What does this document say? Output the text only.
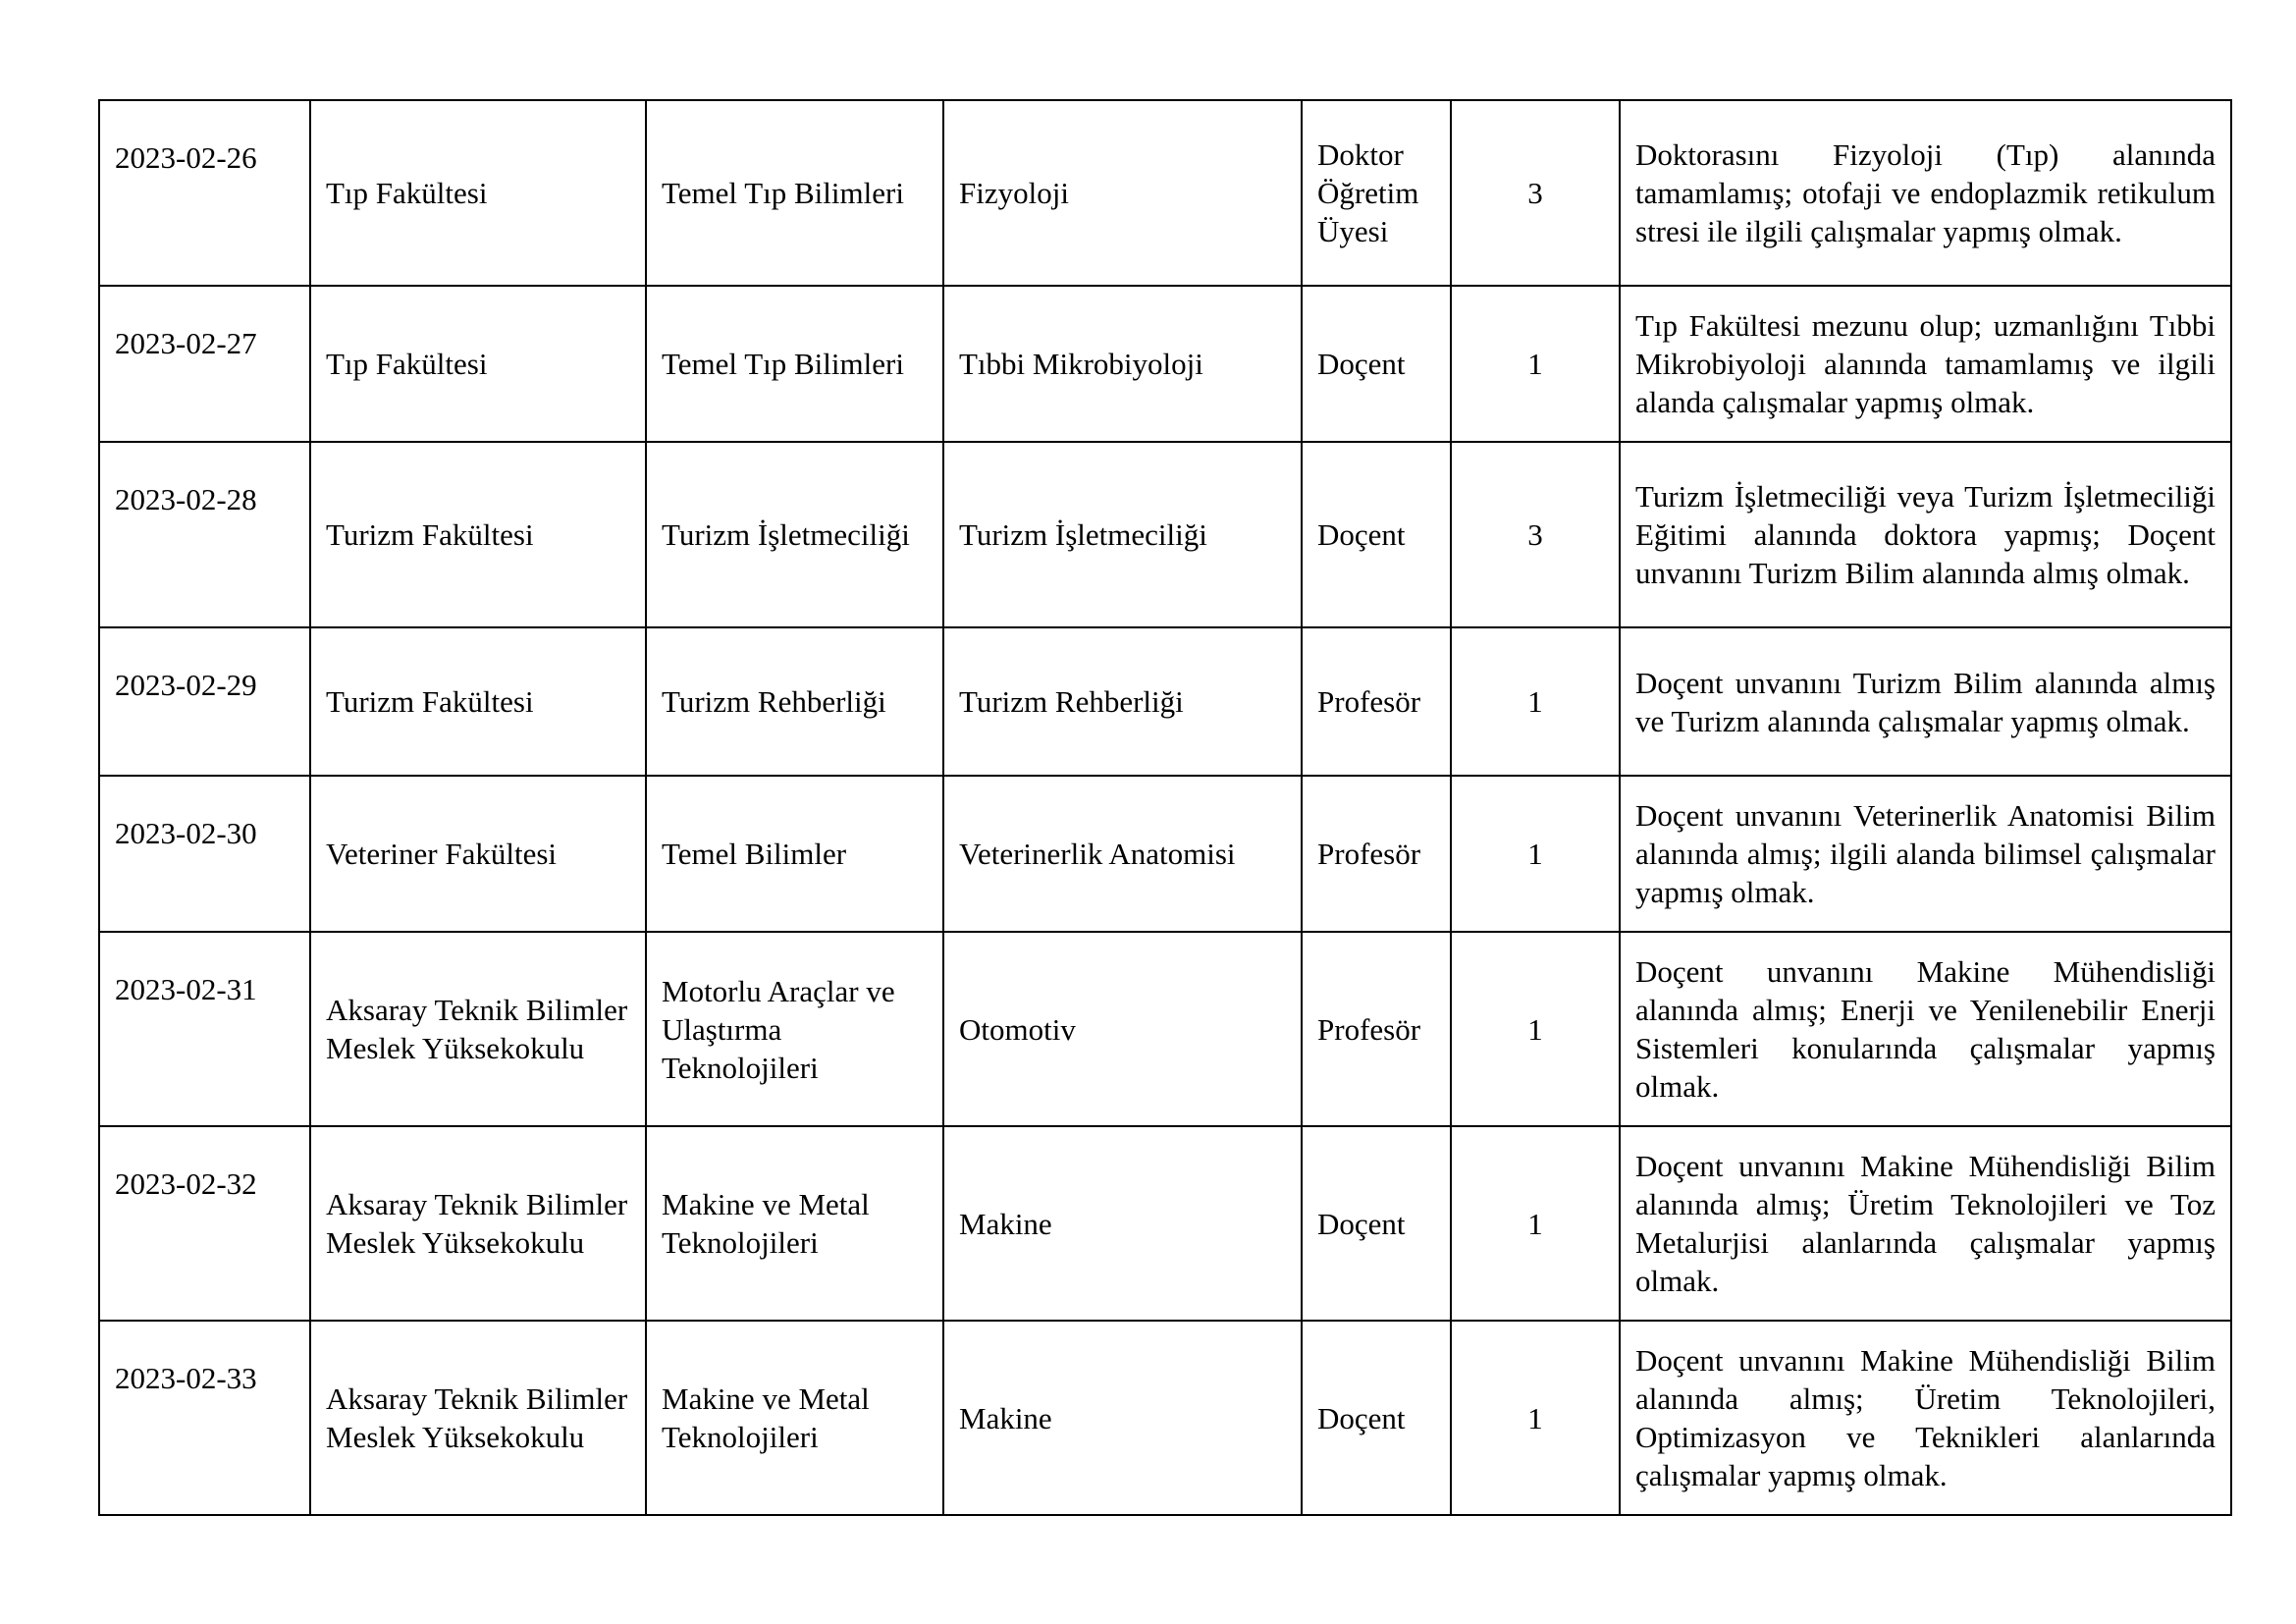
2023-02-26	Tıp Fakültesi	Temel Tıp Bilimleri	Fizyoloji	Doktor Öğretim Üyesi	3	Doktorasını Fizyoloji (Tıp) alanında tamamlamış; otofaji ve endoplazmik retikulum stresi ile ilgili çalışmalar yapmış olmak.
2023-02-27	Tıp Fakültesi	Temel Tıp Bilimleri	Tıbbi Mikrobiyoloji	Doçent	1	Tıp Fakültesi mezunu olup; uzmanlığını Tıbbi Mikrobiyoloji alanında tamamlamış ve ilgili alanda çalışmalar yapmış olmak.
2023-02-28	Turizm Fakültesi	Turizm İşletmeciliği	Turizm İşletmeciliği	Doçent	3	Turizm İşletmeciliği veya Turizm İşletmeciliği Eğitimi alanında doktora yapmış; Doçent unvanını Turizm Bilim alanında almış olmak.
2023-02-29	Turizm Fakültesi	Turizm Rehberliği	Turizm Rehberliği	Profesör	1	Doçent unvanını Turizm Bilim alanında almış ve Turizm alanında çalışmalar yapmış olmak.
2023-02-30	Veteriner Fakültesi	Temel Bilimler	Veterinerlik Anatomisi	Profesör	1	Doçent unvanını Veterinerlik Anatomisi Bilim alanında almış; ilgili alanda bilimsel çalışmalar yapmış olmak.
2023-02-31	Aksaray Teknik Bilimler Meslek Yüksekokulu	Motorlu Araçlar ve Ulaştırma Teknolojileri	Otomotiv	Profesör	1	Doçent unvanını Makine Mühendisliği alanında almış; Enerji ve Yenilenebilir Enerji Sistemleri konularında çalışmalar yapmış olmak.
2023-02-32	Aksaray Teknik Bilimler Meslek Yüksekokulu	Makine ve Metal Teknolojileri	Makine	Doçent	1	Doçent unvanını Makine Mühendisliği Bilim alanında almış; Üretim Teknolojileri ve Toz Metalurjisi alanlarında çalışmalar yapmış olmak.
2023-02-33	Aksaray Teknik Bilimler Meslek Yüksekokulu	Makine ve Metal Teknolojileri	Makine	Doçent	1	Doçent unvanını Makine Mühendisliği Bilim alanında almış; Üretim Teknolojileri, Optimizasyon ve Teknikleri alanlarında çalışmalar yapmış olmak.
